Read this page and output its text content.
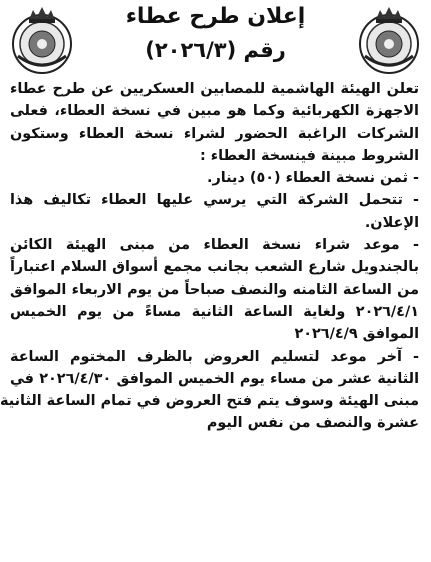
إعلان طرح عطاء
رقم (٢٠٢٦/٣)
تعلن الهيئة الهاشمية للمصابين العسكريين عن طرح عطاء
الاجهزة الكهربائية وكما هو مبين في نسخة العطاء، فعلى
الشركات الراغبة الحضور لشراء نسخة العطاء وستكون
الشروط مبينة فينسخة العطاء :
- ثمن نسخة العطاء (٥٠) دينار.
- تتحمل الشركة التي يرسي عليها العطاء تكاليف هذا
الإعلان.
- موعد شراء نسخة العطاء من مبنى الهيئة الكائن
بالجندويل شارع الشعب بجانب مجمع أسواق السلام اعتباراً
من الساعة الثامنه والنصف صباحاً من يوم الاربعاء الموافق
٢٠٢٦/٤/١ ولغاية الساعة الثانية مساءً من يوم الخميس
الموافق ٢٠٢٦/٤/٩
- آخر موعد لتسليم العروض بالظرف المختوم الساعة
الثانية عشر من مساء يوم الخميس الموافق ٢٠٢٦/٤/٣٠ في
مبنى الهيئة وسوف يتم فتح العروض في تمام الساعة الثانية
عشرة والنصف من نفس اليوم
